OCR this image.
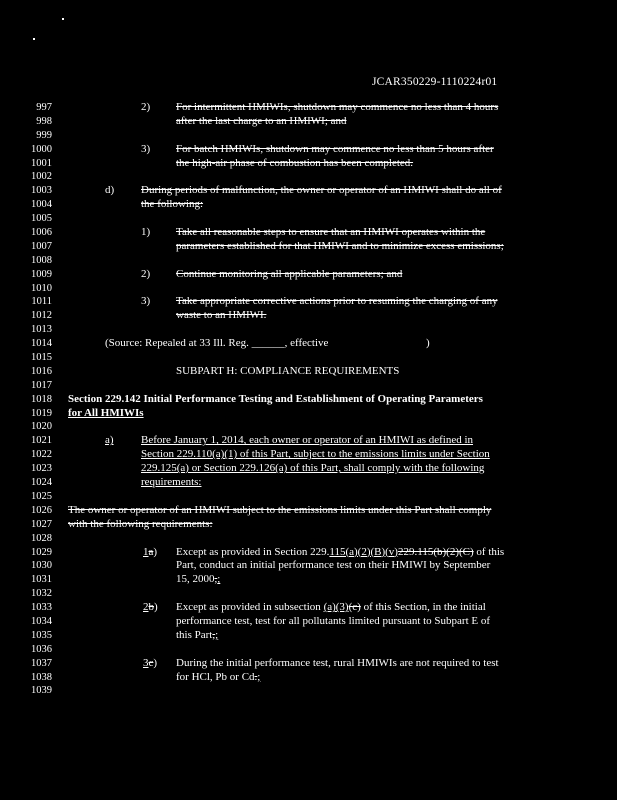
JCAR350229-1110224r01
997
998
999
1000
1001
1002
1003
1004
1005
1006
1007
1008
1009
1010
1011
1012
1013
1014
1015
1016
1017
1018
1019
1020
1021
1022
1023
1024
1025
1026
1027
1028
1029
1030
1031
1032
1033
1034
1035
1036
1037
1038
1039
2) For intermittent HMIWIs, shutdown may commence no less than 4 hours
after the last charge to an HMIWI; and
3) For batch HMIWIs, shutdown may commence no less than 5 hours after
the high-air phase of combustion has been completed.
d) During periods of malfunction, the owner or operator of an HMIWI shall do all of
the following:
1) Take all reasonable steps to ensure that an HMIWI operates within the
parameters established for that HMIWI and to minimize excess emissions;
2) Continue monitoring all applicable parameters; and
3) Take appropriate corrective actions prior to resuming the charging of any
waste to an HMIWI.
(Source: Repealed at 33 Ill. Reg. ______, effective	)
SUBPART H: COMPLIANCE REQUIREMENTS
Section 229.142 Initial Performance Testing and Establishment of Operating Parameters
for All HMIWIs
a) Before January 1, 2014, each owner or operator of an HMIWI as defined in
Section 229.110(a)(1) of this Part, subject to the emissions limits under Section
229.125(a) or Section 229.126(a) of this Part, shall comply with the following
requirements:
The owner or operator of an HMIWI subject to the emissions limits under this Part shall comply
with the following requirements:
1a) Except as provided in Section 229.115(a)(2)(B)(v)229.115(b)(2)(C) of this
Part, conduct an initial performance test on their HMIWI by September
15, 2000,;
2b) Except as provided in subsection (a)(3)(c) of this Section, in the initial
performance test, test for all pollutants limited pursuant to Subpart E of
this Part,;
3c) During the initial performance test, rural HMIWIs are not required to test
for HCl, Pb or Cd.;
